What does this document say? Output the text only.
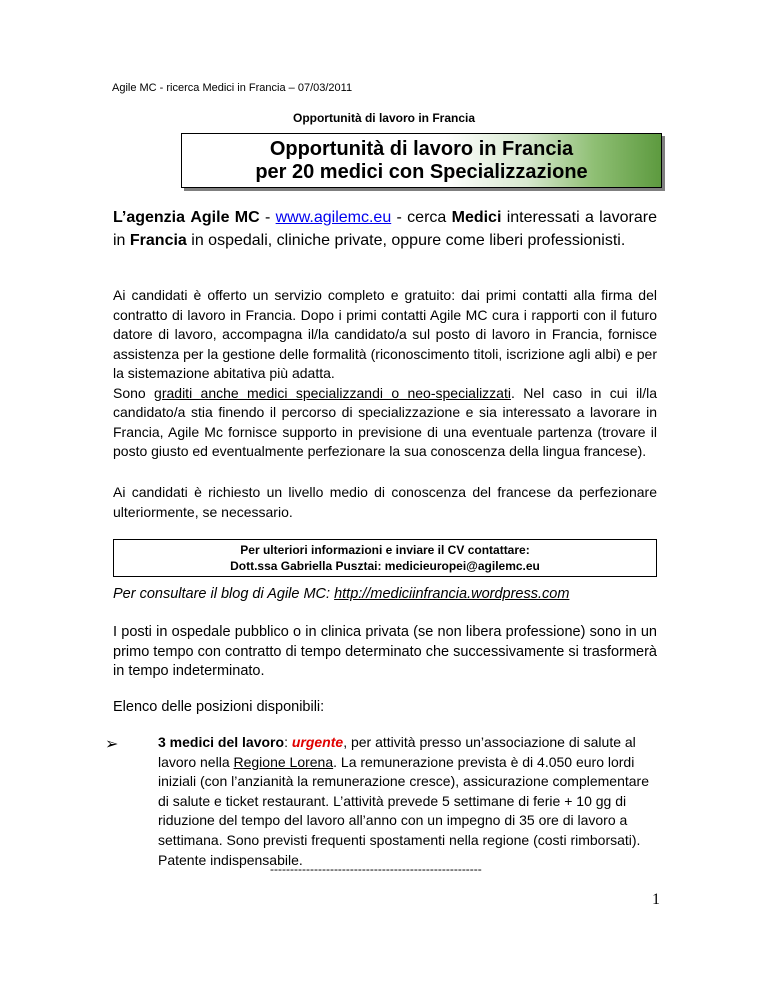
Agile MC - ricerca Medici in Francia – 07/03/2011
Opportunità di lavoro in Francia
Opportunità di lavoro in Francia
per 20 medici con Specializzazione
L’agenzia Agile MC - www.agilemc.eu - cerca Medici interessati a lavorare in Francia in ospedali, cliniche private, oppure come liberi professionisti.
Ai candidati è offerto un servizio completo e gratuito: dai primi contatti alla firma del contratto di lavoro in Francia. Dopo i primi contatti Agile MC cura i rapporti con il futuro datore di lavoro, accompagna il/la candidato/a sul posto di lavoro in Francia, fornisce assistenza per la gestione delle formalità (riconoscimento titoli, iscrizione agli albi) e per la sistemazione abitativa più adatta.
Sono graditi anche medici specializzandi o neo-specializzati. Nel caso in cui il/la candidato/a stia finendo il percorso di specializzazione e sia interessato a lavorare in Francia, Agile Mc fornisce supporto in previsione di una eventuale partenza (trovare il posto giusto ed eventualmente perfezionare la sua conoscenza della lingua francese).
Ai candidati è richiesto un livello medio di conoscenza del francese da perfezionare ulteriormente, se necessario.
Per ulteriori informazioni e inviare il CV contattare:
Dott.ssa Gabriella Pusztai: medicieuropei@agilemc.eu
Per consultare il blog di Agile MC: http://mediciinfrancia.wordpress.com
I posti in ospedale pubblico o in clinica privata (se non libera professione) sono in un primo tempo con contratto di tempo determinato che successivamente si trasformerà in tempo indeterminato.
Elenco delle posizioni disponibili:
➢	3 medici del lavoro: urgente, per attività presso un’associazione di salute al lavoro nella Regione Lorena. La remunerazione prevista è di 4.050 euro lordi iniziali (con l’anzianità la remunerazione cresce), assicurazione complementare di salute e ticket restaurant. L’attività prevede 5 settimane di ferie + 10 gg di riduzione del tempo del lavoro all’anno con un impegno di 35 ore di lavoro a settimana. Sono previsti frequenti spostamenti nella regione (costi rimborsati). Patente indispensabile.
-----------------------------------------------------
1
